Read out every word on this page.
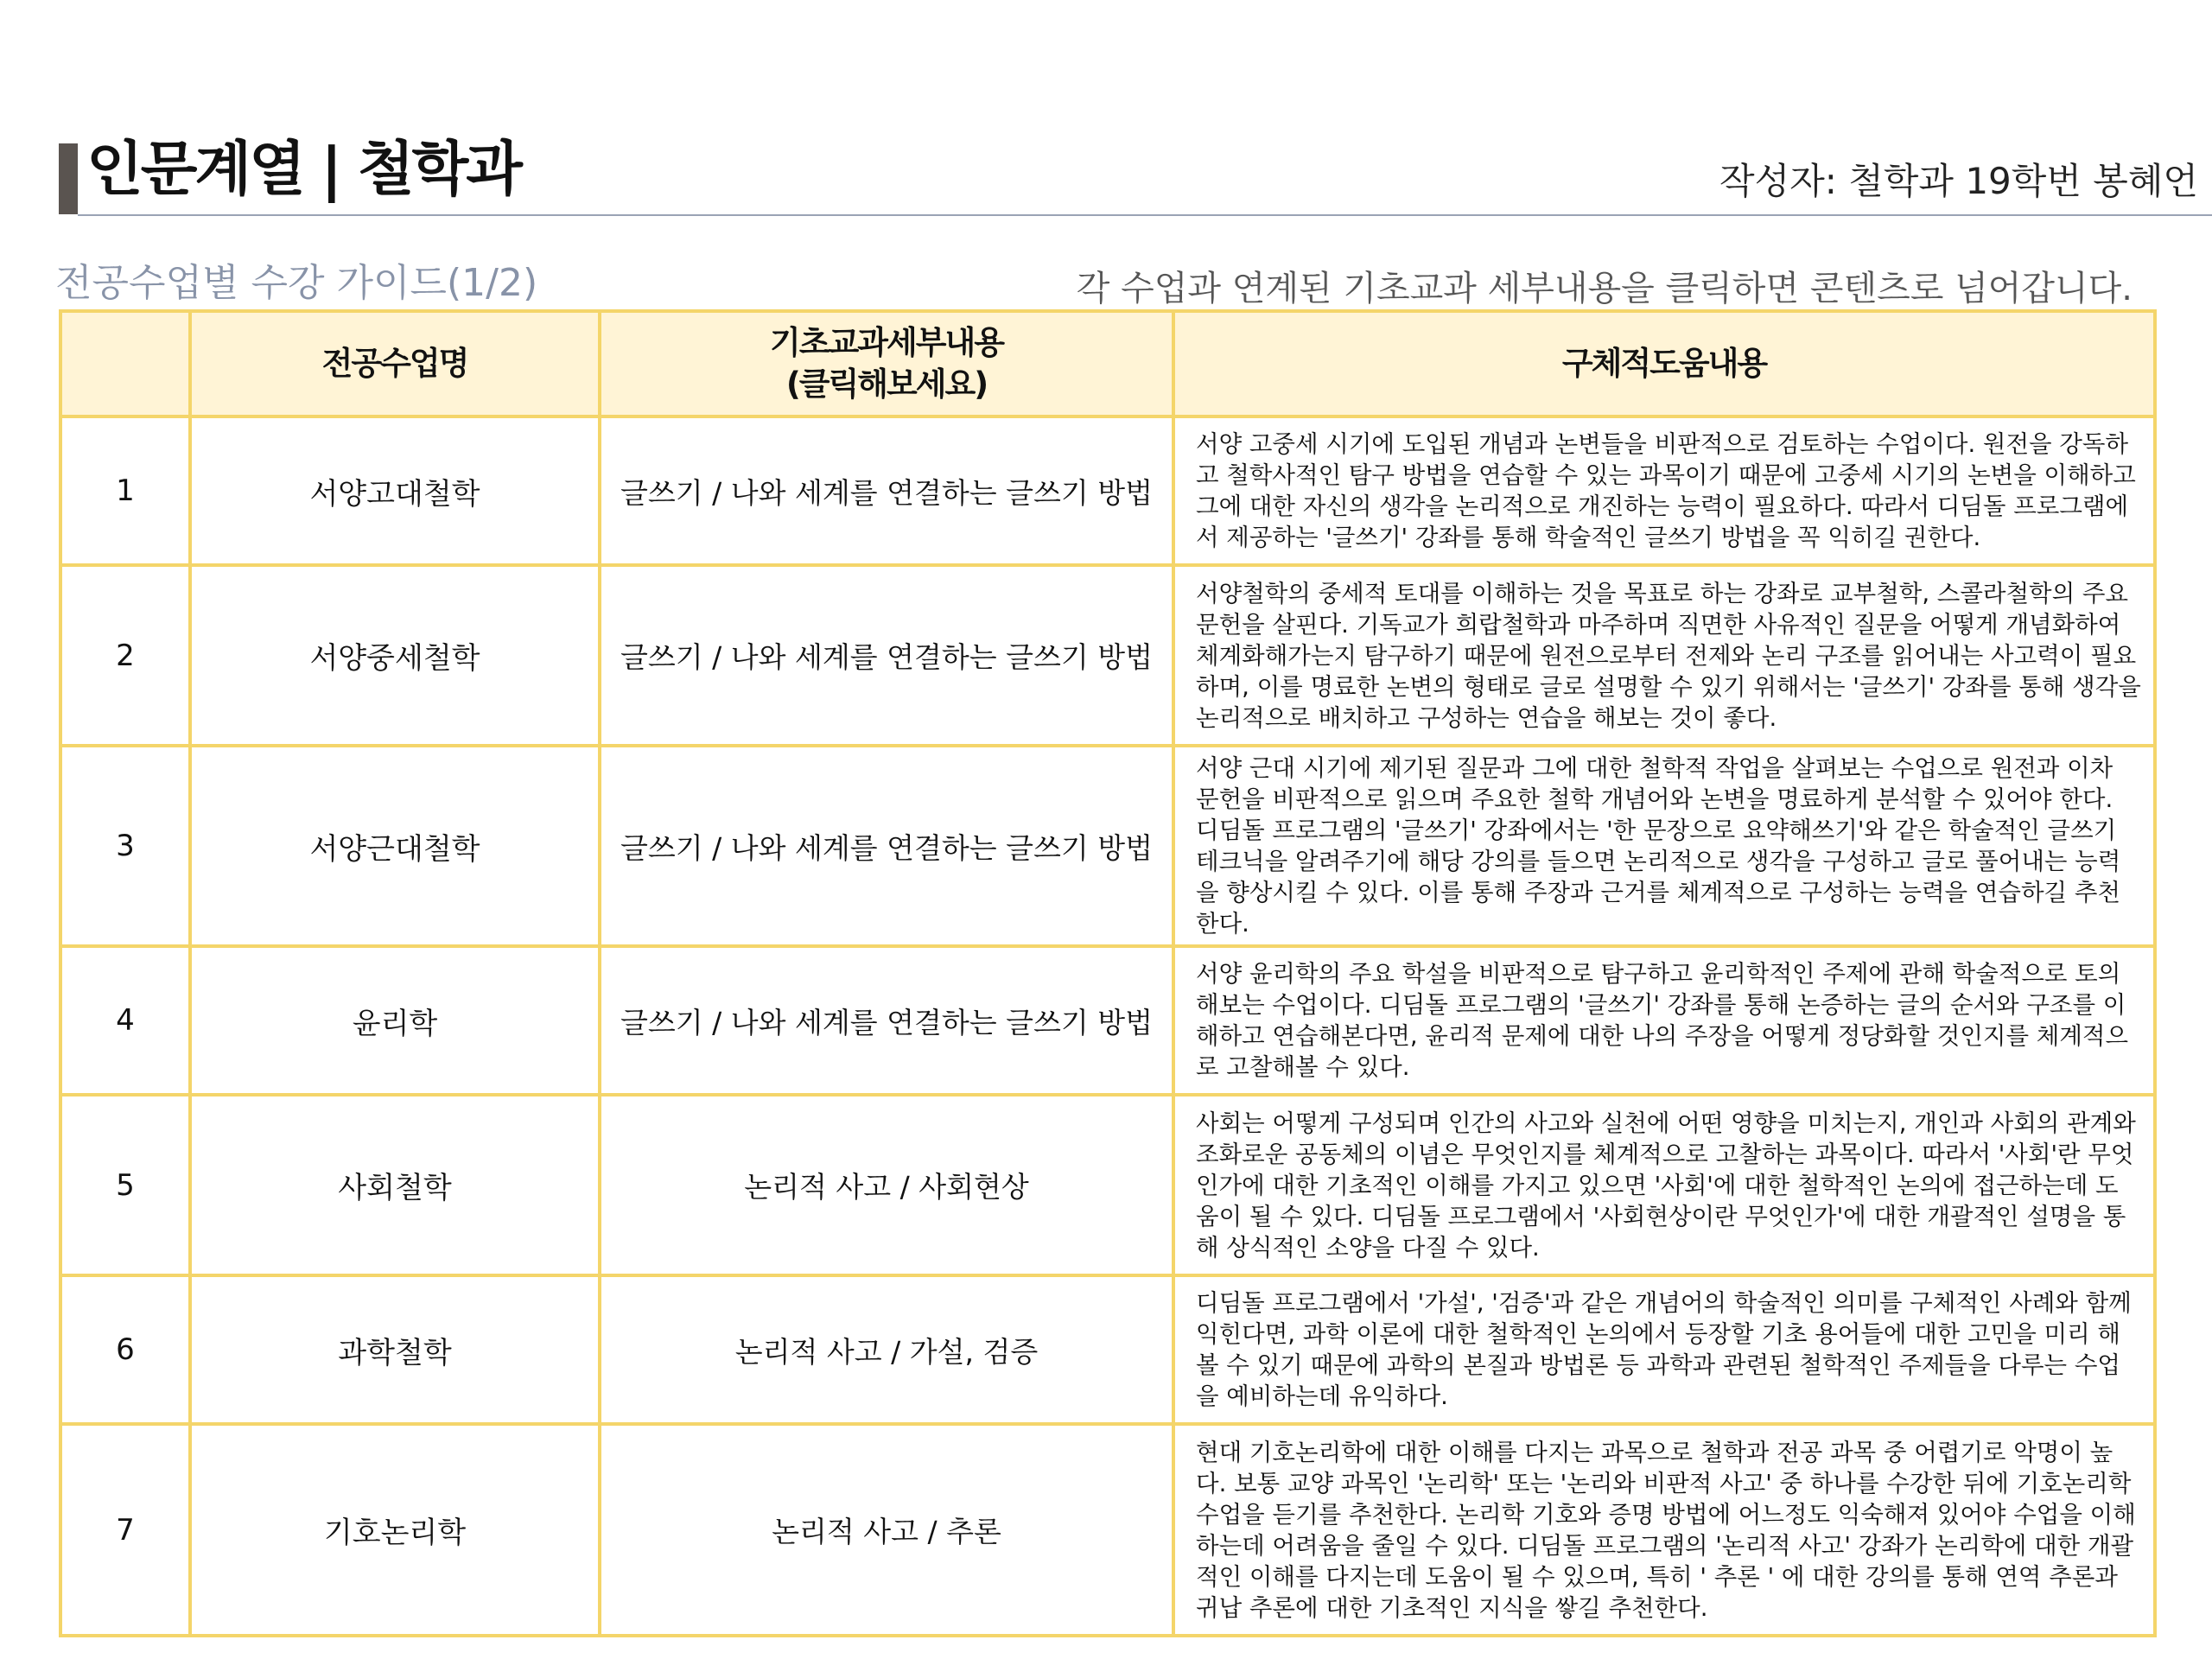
인문계열 | 철학과	작성자: 철학과 19학번 봉혜언
전공수업별 수강 가이드(1/2)	각 수업과 연계된 기초교과 세부내용을 클릭하면 콘텐츠로 넘어갑니다.
	전공수업명	기초교과세부내용
(클릭해보세요)	구체적도움내용
1	서양고대철학	글쓰기 / 나와 세계를 연결하는 글쓰기 방법	서양 고중세 시기에 도입된 개념과 논변들을 비판적으로 검토하는 수업이다. 원전을 강독하고 철학사적인 탐구 방법을 연습할 수 있는 과목이기 때문에 고중세 시기의 논변을 이해하고 그에 대한 자신의 생각을 논리적으로 개진하는 능력이 필요하다. 따라서 디딤돌 프로그램에서 제공하는 '글쓰기' 강좌를 통해 학술적인 글쓰기 방법을 꼭 익히길 권한다.
2	서양중세철학	글쓰기 / 나와 세계를 연결하는 글쓰기 방법	서양철학의 중세적 토대를 이해하는 것을 목표로 하는 강좌로 교부철학, 스콜라철학의 주요 문헌을 살핀다. 기독교가 희랍철학과 마주하며 직면한 사유적인 질문을 어떻게 개념화하여 체계화해가는지 탐구하기 때문에 원전으로부터 전제와 논리 구조를 읽어내는 사고력이 필요하며, 이를 명료한 논변의 형태로 글로 설명할 수 있기 위해서는 '글쓰기' 강좌를 통해 생각을 논리적으로 배치하고 구성하는 연습을 해보는 것이 좋다.
3	서양근대철학	글쓰기 / 나와 세계를 연결하는 글쓰기 방법	서양 근대 시기에 제기된 질문과 그에 대한 철학적 작업을 살펴보는 수업으로 원전과 이차 문헌을 비판적으로 읽으며 주요한 철학 개념어와 논변을 명료하게 분석할 수 있어야 한다. 디딤돌 프로그램의 '글쓰기' 강좌에서는 '한 문장으로 요약해쓰기'와 같은 학술적인 글쓰기 테크닉을 알려주기에 해당 강의를 들으면 논리적으로 생각을 구성하고 글로 풀어내는 능력을 향상시킬 수 있다. 이를 통해 주장과 근거를 체계적으로 구성하는 능력을 연습하길 추천한다.
4	윤리학	글쓰기 / 나와 세계를 연결하는 글쓰기 방법	서양 윤리학의 주요 학설을 비판적으로 탐구하고 윤리학적인 주제에 관해 학술적으로 토의해보는 수업이다. 디딤돌 프로그램의 '글쓰기' 강좌를 통해 논증하는 글의 순서와 구조를 이해하고 연습해본다면, 윤리적 문제에 대한 나의 주장을 어떻게 정당화할 것인지를 체계적으로 고찰해볼 수 있다.
5	사회철학	논리적 사고 / 사회현상	사회는 어떻게 구성되며 인간의 사고와 실천에 어떤 영향을 미치는지, 개인과 사회의 관계와 조화로운 공동체의 이념은 무엇인지를 체계적으로 고찰하는 과목이다. 따라서 '사회'란 무엇인가에 대한 기초적인 이해를 가지고 있으면 '사회'에 대한 철학적인 논의에 접근하는데 도움이 될 수 있다. 디딤돌 프로그램에서 '사회현상이란 무엇인가'에 대한 개괄적인 설명을 통해 상식적인 소양을 다질 수 있다.
6	과학철학	논리적 사고 / 가설, 검증	디딤돌 프로그램에서 '가설', '검증'과 같은 개념어의 학술적인 의미를 구체적인 사례와 함께 익힌다면, 과학 이론에 대한 철학적인 논의에서 등장할 기초 용어들에 대한 고민을 미리 해볼 수 있기 때문에 과학의 본질과 방법론 등 과학과 관련된 철학적인 주제들을 다루는 수업을 예비하는데 유익하다.
7	기호논리학	논리적 사고 / 추론	현대 기호논리학에 대한 이해를 다지는 과목으로 철학과 전공 과목 중 어렵기로 악명이 높다. 보통 교양 과목인 '논리학' 또는 '논리와 비판적 사고' 중 하나를 수강한 뒤에 기호논리학 수업을 듣기를 추천한다. 논리학 기호와 증명 방법에 어느정도 익숙해져 있어야 수업을 이해하는데 어려움을 줄일 수 있다. 디딤돌 프로그램의 '논리적 사고' 강좌가 논리학에 대한 개괄적인 이해를 다지는데 도움이 될 수 있으며, 특히 ' 추론 ' 에 대한 강의를 통해 연역 추론과 귀납 추론에 대한 기초적인 지식을 쌓길 추천한다.
